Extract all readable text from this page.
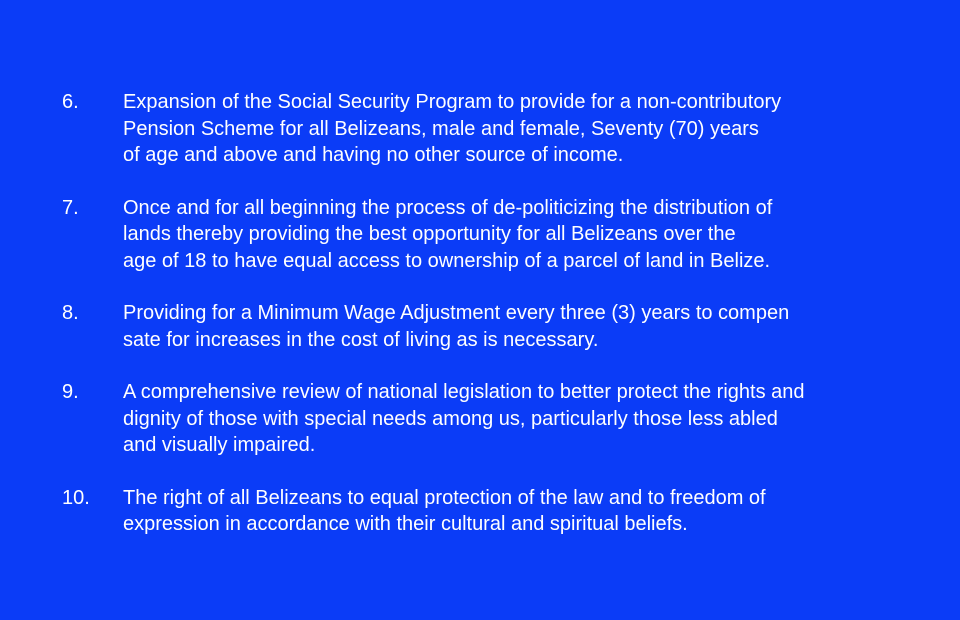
6. Expansion of the Social Security Program to provide for a non-contributory
Pension Scheme for all Belizeans, male and female, Seventy (70) years
of age and above and having no other source of income.
7. Once and for all beginning the process of de-politicizing the distribution of
lands thereby providing the best opportunity for all Belizeans over the
age of 18 to have equal access to ownership of a parcel of land in Belize.
8. Providing for a Minimum Wage Adjustment every three (3) years to compen
sate for increases in the cost of living as is necessary.
9. A comprehensive review of national legislation to better protect the rights and
dignity of those with special needs among us, particularly those less abled
and visually impaired.
10. The right of all Belizeans to equal protection of the law and to freedom of
expression in accordance with their cultural and spiritual beliefs.
